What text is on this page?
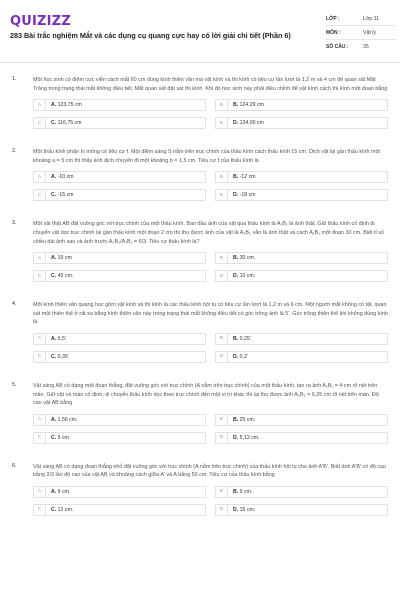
QUIZIZZ
283 Bài trắc nghiệm Mắt và các dụng cụ quang cực hay có lời giải chi tiết (Phần 6)
LỚP :	Lớp 11
MÔN :	Vật lý
SỐ CÂU :	35
1.	Một học sinh có điểm cực viễn cách mắt 60 cm dùng kính thiên văn mà vật kính và thị kính có tiêu cự lần lượt là 1,2 m và 4 cm để quan sát Mặt Trăng trong trạng thái mắt không điều tiết. Mắt quan sát đặt sát thị kính. Khi đó học sinh này phải điều chỉnh để vật kính cách thị kính một đoạn bằng
A	A. 123,75 cm	B	B. 124,29 cm
C	C. 116,75 cm	D	D. 124,00 cm
2.	Một thấu kính phân kì mỏng có tiêu cự f. Một điểm sáng S nằm trên trục chính của thấu kính cách thấu kính 15 cm. Dịch vật lại gần thấu kính một khoảng a = 5 cm thì thấy ảnh dịch chuyển đi một khoảng b = 1,5 cm. Tiêu cự f của thấu kính là
A	A. -10 cm	B	B. -12 cm
C	C. -15 cm	D	D. -18 cm
3.	Một vật thật AB đặt vuông góc với trục chính của một thấu kính. Ban đầu ảnh của vật qua thấu kính là A₁B₁ là ảnh thật. Giữ thấu kính cố định di chuyển vật dọc trục chính lại gần thấu kính một đoạn 2 cm thì thu được ảnh của vật là A₂B₂ vẫn là ảnh thật và cách A₁B₁ một đoạn 30 cm. Biết tỉ số chiều dài ảnh sau và ảnh trước A₂B₂/A₁B₁ = 5/3. Tiêu cự thấu kính là?
A	A. 15 cm	B	B. 30 cm.
C	C. 45 cm.	D	D. 10 cm.
4.	Một kính thiên văn quang học gồm vật kính và thị kính là các thấu kính hội tụ có tiêu cự lần lượt là 1,2 m và 6 cm. Một người mắt không có tật, quan sát một thiên thể ở rất xa bằng kính thiên văn này trong trạng thái mắt không điều tiết có góc trông ảnh là 5'. Góc trông thiên thể khi không dùng kính là
A	A. 0,5'	B	B. 0,25'
C	C. 0,35'	D	D. 0,2'
5.	Vật sáng AB có dạng một đoạn thẳng, đặt vuông góc với trục chính (A nằm trên trục chính) của một thấu kính, tạo ra ảnh A₁B₁ = 4 cm rõ nét trên màn. Giữ vật và màn cố định, di chuyển thấu kính dọc theo trục chính đến một vị trí khác thì lại thu được ảnh A₂B₂ = 6,25 cm rõ nét trên màn. Độ cao vật AB bằng
A	A. 1,56 cm.	B	B. 25 cm.
C	C. 5 cm.	D	D. 5,12 cm.
6.	Vật sáng AB có dạng đoạn thẳng nhỏ đặt vuông góc với trục chính (A nằm trên trục chính) của thấu kính hội tụ cho ảnh A'B'. Biết ảnh A'B' có độ cao bằng 2/3 lần độ cao của vật AB và khoảng cách giữa A' và A bằng 50 cm. Tiêu cự của thấu kính bằng
A	A. 6 cm.	B	B. 9 cm.
C	C. 12 cm.	D	D. 15 cm.
